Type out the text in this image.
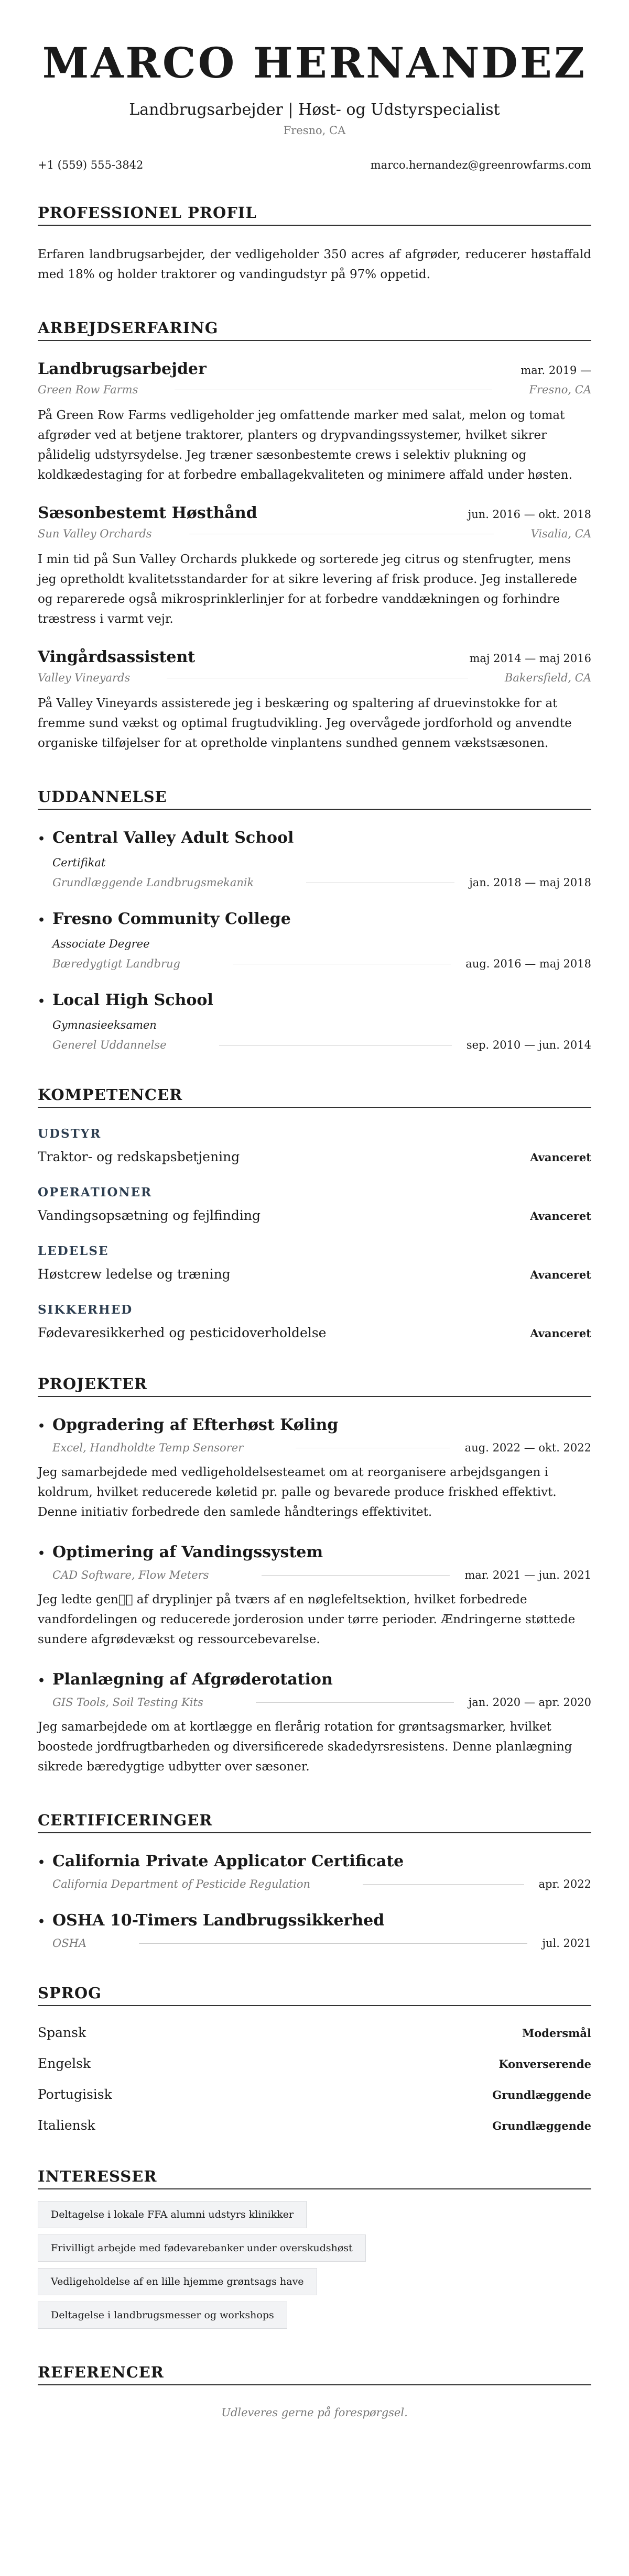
MARCO HERNANDEZ
Landbrugsarbejder | Høst- og Udstyrspecialist
Fresno, CA
+1 (559) 555-3842	marco.hernandez@greenrowfarms.com
PROFESSIONEL PROFIL
Erfaren landbrugsarbejder, der vedligeholder 350 acres af afgrøder, reducerer høstaffald med 18% og holder traktorer og vandingudstyr på 97% oppetid.
ARBEJDSERFARING
Landbrugsarbejder	mar. 2019 —
Green Row Farms	Fresno, CA
På Green Row Farms vedligeholder jeg omfattende marker med salat, melon og tomat afgrøder ved at betjene traktorer, planters og drypvandingssystemer, hvilket sikrer pålidelig udstyrsydelse. Jeg træner sæsonbestemte crews i selektiv plukning og koldkædestaging for at forbedre emballagekvaliteten og minimere affald under høsten.
Sæsonbestemt Høsthånd	jun. 2016 — okt. 2018
Sun Valley Orchards	Visalia, CA
I min tid på Sun Valley Orchards plukkede og sorterede jeg citrus og stenfrugter, mens jeg opretholdt kvalitetsstandarder for at sikre levering af frisk produce. Jeg installerede og reparerede også mikrosprinklerlinjer for at forbedre vanddækningen og forhindre træstress i varmt vejr.
Vingårdsassistent	maj 2014 — maj 2016
Valley Vineyards	Bakersfield, CA
På Valley Vineyards assisterede jeg i beskæring og spaltering af druevinstokke for at fremme sund vækst og optimal frugtudvikling. Jeg overvågede jordforhold og anvendte organiske tilføjelser for at opretholde vinplantens sundhed gennem vækstsæsonen.
UDDANNELSE
• Central Valley Adult School
Certifikat
Grundlæggende Landbrugsmekanik	jan. 2018 — maj 2018
• Fresno Community College
Associate Degree
Bæredygtigt Landbrug	aug. 2016 — maj 2018
• Local High School
Gymnasieeksamen
Generel Uddannelse	sep. 2010 — jun. 2014
KOMPETENCER
UDSTYR
Traktor- og redskapsbetjening	Avanceret
OPERATIONER
Vandingsopsætning og fejlfinding	Avanceret
LEDELSE
Høstcrew ledelse og træning	Avanceret
SIKKERHED
Fødevaresikkerhed og pesticidoverholdelse	Avanceret
PROJEKTER
• Opgradering af Efterhøst Køling
Excel, Handholdte Temp Sensorer	aug. 2022 — okt. 2022
Jeg samarbejdede med vedligeholdelsesteamet om at reorganisere arbejdsgangen i koldrum, hvilket reducerede køletid pr. palle og bevarede produce friskhed effektivt. Denne initiativ forbedrede den samlede håndterings effektivitet.
• Optimering af Vandingssystem
CAD Software, Flow Meters	mar. 2021 — jun. 2021
Jeg ledte gen   af dryplinjer på tværs af en nøglefeltsektion, hvilket forbedrede vandfordelingen og reducerede jorderosion under tørre perioder. Ændringerne støttede sundere afgrødevækst og ressourcebevarelse.
• Planlægning af Afgrøderotation
GIS Tools, Soil Testing Kits	jan. 2020 — apr. 2020
Jeg samarbejdede om at kortlægge en flerårig rotation for grøntsagsmarker, hvilket boostede jordfrugtbarheden og diversificerede skadedyrsresistens. Denne planlægning sikrede bæredygtige udbytter over sæsoner.
CERTIFICERINGER
• California Private Applicator Certificate
California Department of Pesticide Regulation	apr. 2022
• OSHA 10-Timers Landbrugssikkerhed
OSHA	jul. 2021
SPROG
Spansk	Modersmål
Engelsk	Konverserende
Portugisisk	Grundlæggende
Italiensk	Grundlæggende
INTERESSER
Deltagelse i lokale FFA alumni udstyrs klinikker
Frivilligt arbejde med fødevarebanker under overskudshøst
Vedligeholdelse af en lille hjemme grøntsags have
Deltagelse i landbrugsmesser og workshops
REFERENCER
Udleveres gerne på forespørgsel.
